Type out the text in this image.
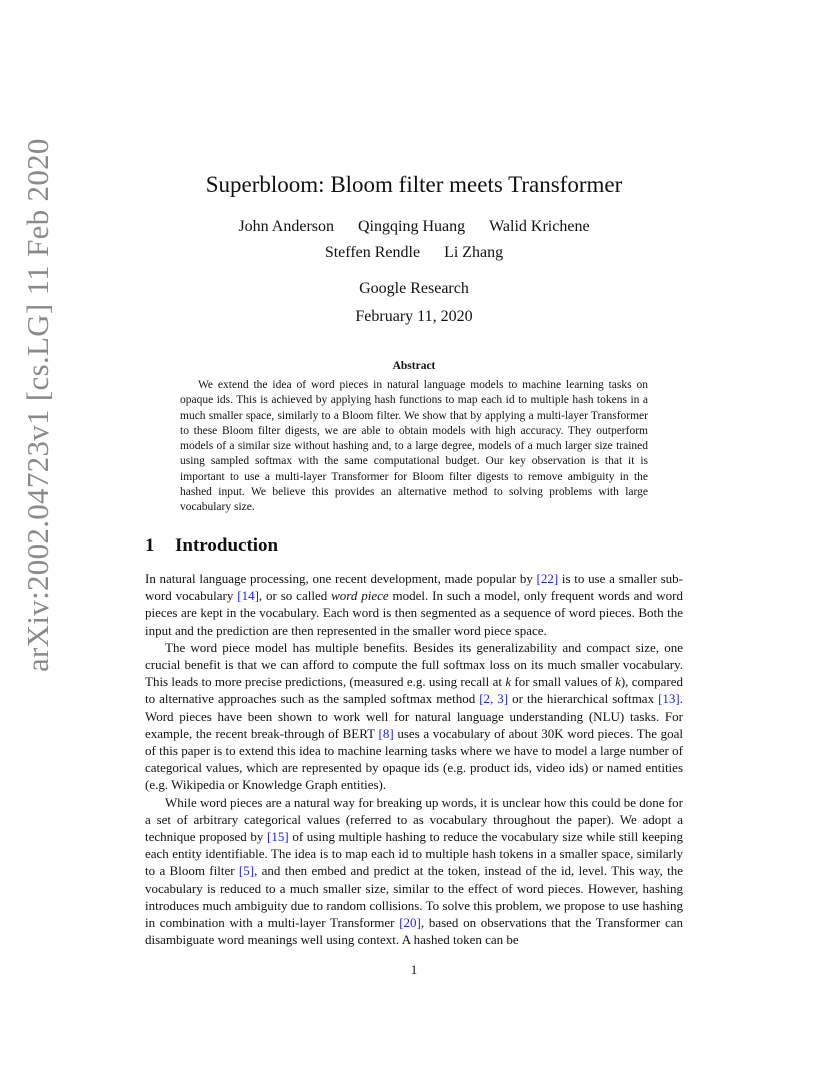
arXiv:2002.04723v1 [cs.LG] 11 Feb 2020	Superbloom: Bloom filter meets Transformer
John Anderson Qingqing Huang Walid Krichene
Steffen Rendle Li Zhang
Google Research
February 11, 2020
Abstract
We extend the idea of word pieces in natural language models to machine learning tasks on opaque ids. This is achieved by applying hash functions to map each id to multiple hash tokens in a much smaller space, similarly to a Bloom filter. We show that by applying a multi-layer Transformer to these Bloom filter digests, we are able to obtain models with high accuracy. They outperform models of a similar size without hashing and, to a large degree, models of a much larger size trained using sampled softmax with the same computational budget. Our key observation is that it is important to use a multi-layer Transformer for Bloom filter digests to remove ambiguity in the hashed input. We believe this provides an alternative method to solving problems with large vocabulary size.
1 Introduction

In natural language processing, one recent development, made popular by [22] is to use a smaller sub-word vocabulary [14], or so called word piece model. In such a model, only frequent words and word pieces are kept in the vocabulary. Each word is then segmented as a sequence of word pieces. Both the input and the prediction are then represented in the smaller word piece space.

The word piece model has multiple benefits. Besides its generalizability and compact size, one crucial benefit is that we can afford to compute the full softmax loss on its much smaller vocabulary. This leads to more precise predictions, (measured e.g. using recall at k for small values of k), compared to alternative approaches such as the sampled softmax method [2, 3] or the hierarchical softmax [13]. Word pieces have been shown to work well for natural language understanding (NLU) tasks. For example, the recent break-through of BERT [8] uses a vocabulary of about 30K word pieces. The goal of this paper is to extend this idea to machine learning tasks where we have to model a large number of categorical values, which are represented by opaque ids (e.g. product ids, video ids) or named entities (e.g. Wikipedia or Knowledge Graph entities).

While word pieces are a natural way for breaking up words, it is unclear how this could be done for a set of arbitrary categorical values (referred to as vocabulary throughout the paper). We adopt a technique proposed by [15] of using multiple hashing to reduce the vocabulary size while still keeping each entity identifiable. The idea is to map each id to multiple hash tokens in a smaller space, similarly to a Bloom filter [5], and then embed and predict at the token, instead of the id, level. This way, the vocabulary is reduced to a much smaller size, similar to the effect of word pieces. However, hashing introduces much ambiguity due to random collisions. To solve this problem, we propose to use hashing in combination with a multi-layer Transformer [20], based on observations that the Transformer can disambiguate word meanings well using context. A hashed token can be

1
